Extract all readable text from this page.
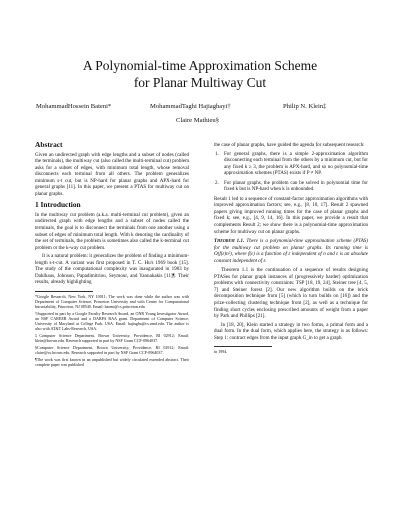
A Polynomial-time Approximation Scheme
for Planar Multiway Cut
MohammadHossein Bateni*	MohammadTaghi Hajiaghayi†	Philip N. Klein‡
Claire Mathieu§
Abstract

Given an undirected graph with edge lengths and a subset of nodes (called the terminals), the multiway cut (also called the multi-terminal cut) problem asks for a subset of edges, with minimum total length, whose removal disconnects each terminal from all others. The problem generalizes minimum s-t cut, but is NP-hard for planar graphs and APX-hard for general graphs [11]. In this paper, we present a PTAS for multiway cut on planar graphs.

1 Introduction

In the multiway cut problem (a.k.a. multi-terminal cut problem), given an undirected graph with edge lengths and a subset of nodes called the terminals, the goal is to disconnect the terminals from one another using a subset of edges of minimum total length. With k denoting the cardinality of the set of terminals, the problem is sometimes also called the k-terminal cut problem or the k-way cut problem.

It is a natural problem: it generalizes the problem of finding a minimum-length s-t-cut. A variant was first proposed in T. C. Hu's 1969 book [15]. The study of the computational complexity was inaugurated in 1983 by Dahlhaus, Johnson, Papadimitriou, Seymour, and Yannakakis [11]¶. Their results, already highlighting

*Google Research, New York, NY 10011; The work was done while the author was with Department of Computer Science, Princeton University and with Center for Computational Intractability, Princeton, NJ 08540. Email: bateni@cs.princeton.edu

†Supported in part by a Google Faculty Research Award, an ONR Young Investigator Award, an NSF CAREER Award and a DARPA BAA grant. Department of Computer Science, University of Maryland at College Park, USA. Email: hajiagha@cs.umd.edu. The author is also with AT&T Labs-Research, USA.

‡Computer Science Department, Brown University, Providence, RI 02912; Email: klein@brown.edu. Research supported in part by NSF Grant CCF-0964037.

§Computer Science Department, Brown University, Providence, RI 02912; Email: claire@cs.brown.edu. Research supported in part by NSF Grant CCF-0964037.

¶The work was first known in an unpublished but widely circulated extended abstract. Their complete paper was published

the case of planar graphs, have guided the agenda for subsequent research:

1. For general graphs, there is a simple 2-approximation algorithm disconnecting each terminal from the others by a minimum cut, but for any fixed k ≥ 3, the problem is APX-hard, and so no polynomial-time approximation schemes (PTAS) exists if P ≠ NP.
2. For planar graphs, the problem can be solved in polynomial time for fixed k but is NP-hard when k is unbounded.

Result 1 led to a sequence of constant-factor approximation algorithms with improved approximation factors; see, e.g., [8, 10, 17]. Result 2 spawned papers giving improved running times for the case of planar graphs and fixed k; see, e.g., [4, 9, 14, 16]. In this paper, we provide a result that complements Result 2; we show there is a polynomial-time approximation scheme for multiway cut on planar graphs.

Theorem 1.1. There is a polynomial-time approximation scheme (PTAS) for the multiway cut problem on planar graphs. Its running time is O(f(ε)n²), where f(ε) is a function of ε independent of n and ε is an absolute constant independent of ε.

Theorem 1.1 is the continuation of a sequence of results designing PTASes for planar graph instances of (progressively harder) optimization problems with connectivity constraints: TSP [18, 19, 24], Steiner tree [4, 5, 7] and Steiner forest [2]. Our new algorithm builds on the brick decomposition technique from [5] (which in turn builds on [16]) and the prize-collecting clustering technique from [2], as well as a technique for finding short cycles enclosing prescribed amounts of weight from a paper by Park and Phillips [21].

In [18, 20], Klein started a strategy in two forms, a primal form and a dual form. In the dual form, which applies here, the strategy is as follows: Step 1: contract edges from the input graph G_in to get a graph

in 1994.
